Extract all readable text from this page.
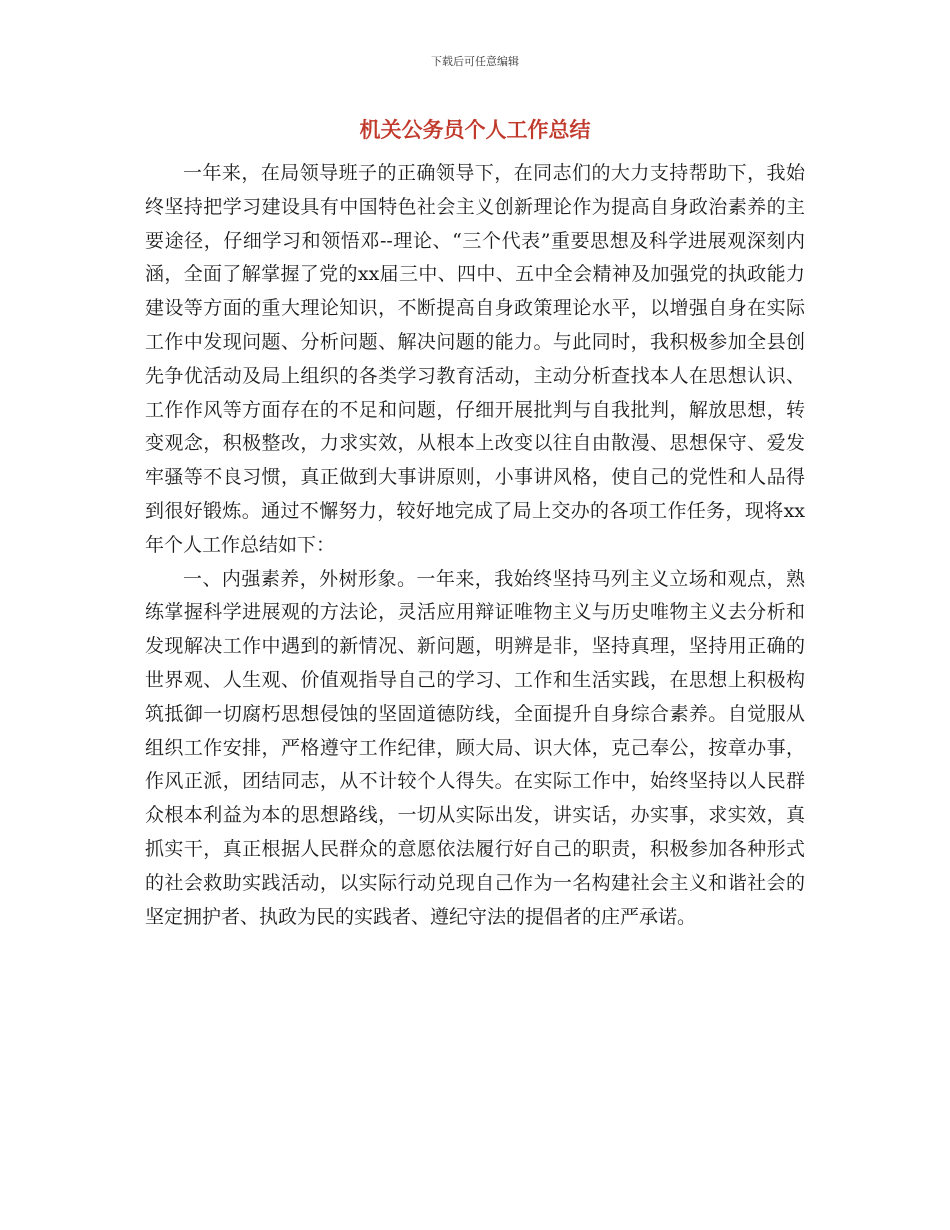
下载后可任意编辑
机关公务员个人工作总结

一年来，在局领导班子的正确领导下，在同志们的大力支持帮助下，我始终坚持把学习建设具有中国特色社会主义创新理论作为提高自身政治素养的主要途径，仔细学习和领悟邓--理论、“三个代表”重要思想及科学进展观深刻内涵，全面了解掌握了党的xx届三中、四中、五中全会精神及加强党的执政能力建设等方面的重大理论知识，不断提高自身政策理论水平，以增强自身在实际工作中发现问题、分析问题、解决问题的能力。与此同时，我积极参加全县创先争优活动及局上组织的各类学习教育活动，主动分析查找本人在思想认识、工作作风等方面存在的不足和问题，仔细开展批判与自我批判，解放思想，转变观念，积极整改，力求实效，从根本上改变以往自由散漫、思想保守、爱发牢骚等不良习惯，真正做到大事讲原则，小事讲风格，使自己的党性和人品得到很好锻炼。通过不懈努力，较好地完成了局上交办的各项工作任务，现将xx年个人工作总结如下：

一、内强素养，外树形象。一年来，我始终坚持马列主义立场和观点，熟练掌握科学进展观的方法论，灵活应用辩证唯物主义与历史唯物主义去分析和发现解决工作中遇到的新情况、新问题，明辨是非，坚持真理，坚持用正确的世界观、人生观、价值观指导自己的学习、工作和生活实践，在思想上积极构筑抵御一切腐朽思想侵蚀的坚固道德防线，全面提升自身综合素养。自觉服从组织工作安排，严格遵守工作纪律，顾大局、识大体，克己奉公，按章办事，作风正派，团结同志，从不计较个人得失。在实际工作中，始终坚持以人民群众根本利益为本的思想路线，一切从实际出发，讲实话，办实事，求实效，真抓实干，真正根据人民群众的意愿依法履行好自己的职责，积极参加各种形式的社会救助实践活动，以实际行动兑现自己作为一名构建社会主义和谐社会的坚定拥护者、执政为民的实践者、遵纪守法的提倡者的庄严承诺。
